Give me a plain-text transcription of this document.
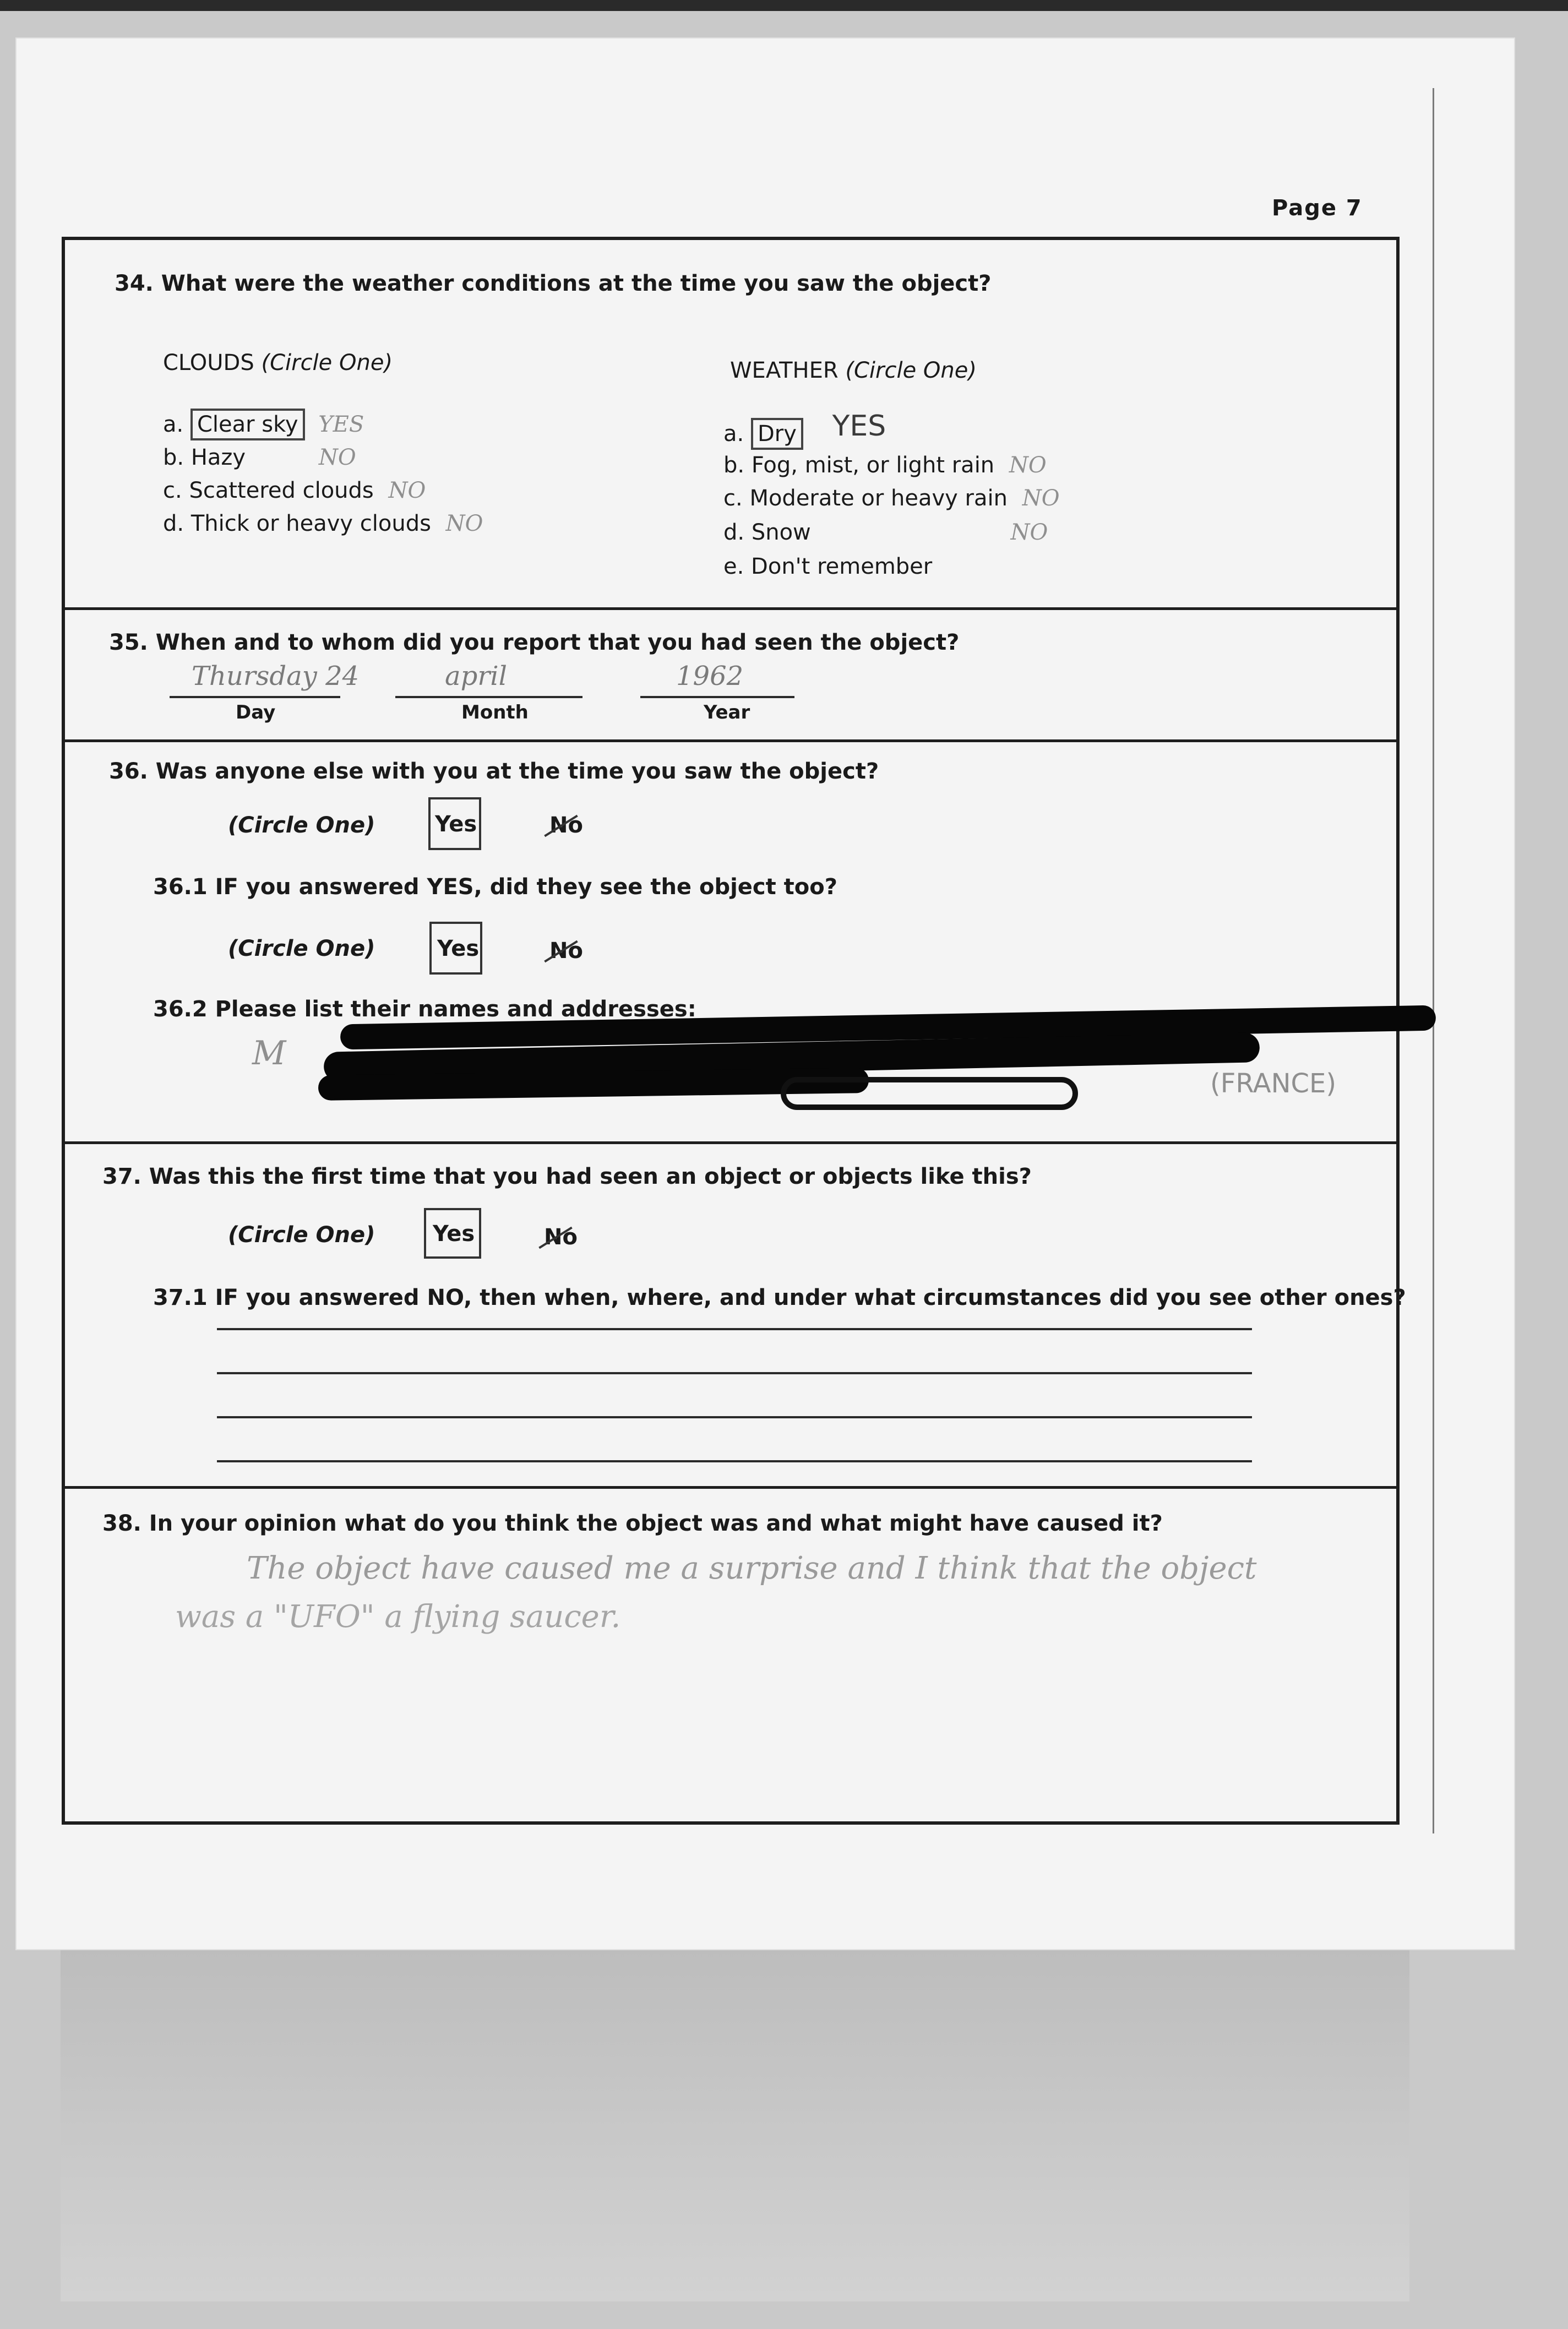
Page 7
34. What were the weather conditions at the time you saw the object?
CLOUDS (Circle One)
a. Clear sky YES
b. Hazy	NO
c. Scattered clouds NO
d. Thick or heavy clouds NO
WEATHER (Circle One)
a. Dry YES
b. Fog, mist, or light rain NO
c. Moderate or heavy rain NO
d. Snow	NO
e. Don't remember
35. When and to whom did you report that you had seen the object?
Thursday 24
Day
april
Month
1962
Year
36. Was anyone else with you at the time you saw the object?
(Circle One)	Yes	No
36.1 IF you answered YES, did they see the object too?
(Circle One)	Yes	No
36.2 Please list their names and addresses:
M
(FRANCE)
37. Was this the first time that you had seen an object or objects like this?
(Circle One)	Yes	No
37.1 IF you answered NO, then when, where, and under what circumstances did you see other ones?
38. In your opinion what do you think the object was and what might have caused it?
The object have caused me a surprise and I think that the object
was a "UFO" a flying saucer.
